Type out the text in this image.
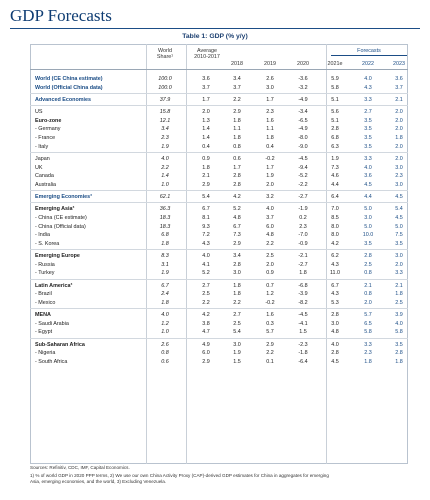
GDP Forecasts
Table 1: GDP (% y/y)
World
Share¹
Average
2010-2017
Forecasts
2018	2019	2020	2021e	2022	2023
World (CE China estimate)	100.0	3.6	3.4	2.6	-3.6	5.9	4.0	3.6
World (Official China data)	100.0	3.7	3.7	3.0	-3.2	5.8	4.3	3.7
Advanced Economies	37.9	1.7	2.2	1.7	-4.9	5.1	3.3	2.1
US	15.8	2.0	2.9	2.3	-3.4	5.6	2.7	2.0
Euro-zone	12.1	1.3	1.8	1.6	-6.5	5.1	3.5	2.0
- Germany	3.4	1.4	1.1	1.1	-4.9	2.8	3.5	2.0
- France	2.3	1.4	1.8	1.8	-8.0	6.8	3.5	1.8
- Italy	1.9	0.4	0.8	0.4	-9.0	6.3	3.5	2.0
Japan	4.0	0.9	0.6	-0.2	-4.5	1.9	3.3	2.0
UK	2.2	1.8	1.7	1.7	-9.4	7.3	4.0	3.0
Canada	1.4	2.1	2.8	1.9	-5.2	4.6	3.6	2.3
Australia	1.0	2.9	2.8	2.0	-2.2	4.4	4.5	3.0
Emerging Economies³	62.1	5.4	4.2	3.2	-2.7	6.4	4.4	4.5
Emerging Asia³	36.3	6.7	5.2	4.0	-1.9	7.0	5.0	5.4
- China (CE estimate)	18.3	8.1	4.8	3.7	0.2	8.5	3.0	4.5
- China (Official data)	18.3	9.3	6.7	6.0	2.3	8.0	5.0	5.0
- India	6.8	7.2	7.3	4.8	-7.0	8.0	10.0	7.5
- S. Korea	1.8	4.3	2.9	2.2	-0.9	4.2	3.5	3.5
Emerging Europe	8.3	4.0	3.4	2.5	-2.1	6.2	2.8	3.0
- Russia	3.1	4.1	2.8	2.0	-2.7	4.3	2.5	2.0
- Turkey	1.9	5.2	3.0	0.9	1.8	11.0	0.8	3.3
Latin America³	6.7	2.7	1.8	0.7	-6.8	6.7	2.1	2.1
- Brazil	2.4	2.5	1.8	1.2	-3.9	4.3	0.8	1.8
- Mexico	1.8	2.2	2.2	-0.2	-8.2	5.3	2.0	2.5
MENA	4.0	4.2	2.7	1.6	-4.5	2.8	5.7	3.9
- Saudi Arabia	1.2	3.8	2.5	0.3	-4.1	3.0	6.5	4.0
- Egypt	1.0	4.7	5.4	5.7	1.5	4.8	5.8	5.8
Sub-Saharan Africa	2.6	4.9	3.0	2.9	-2.3	4.0	3.3	3.5
- Nigeria	0.8	6.0	1.9	2.2	-1.8	2.8	2.3	2.8
- South Africa	0.6	2.9	1.5	0.1	-6.4	4.5	1.8	1.8
Sources: Refinitiv, CDC, IMF, Capital Economics.
1) % of world GDP in 2020 PPP terms, 2) We use our own China Activity Proxy (CAP)-derived GDP estimates for China in aggregates for emerging
Asia, emerging economies, and the world, 3) Excluding Venezuela.
